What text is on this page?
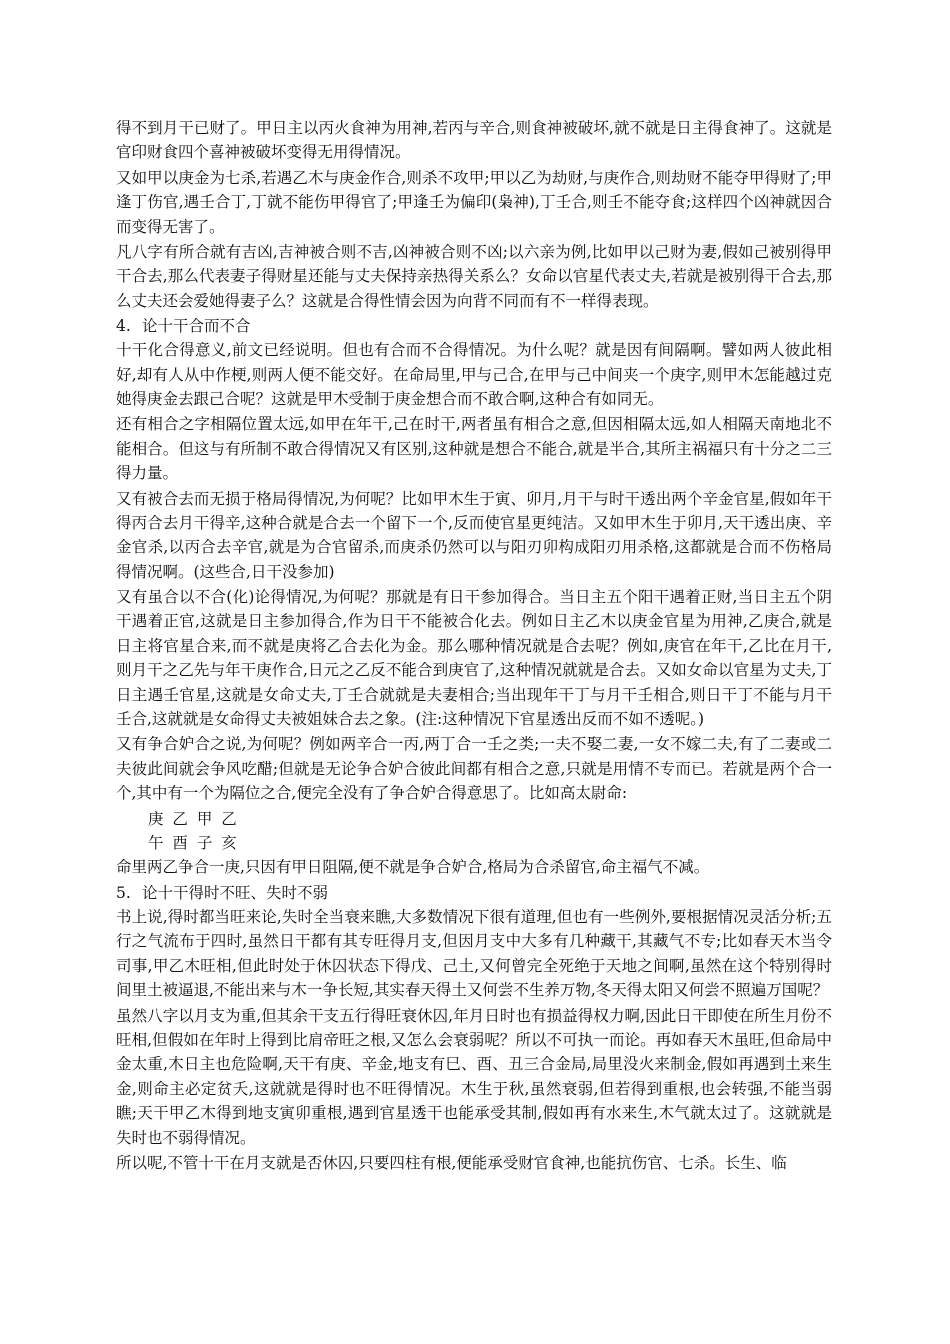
得不到月干已财了。甲日主以丙火食神为用神,若丙与辛合,则食神被破坏,就不就是日主得食神了。这就是官印财食四个喜神被破坏变得无用得情况。

又如甲以庚金为七杀,若遇乙木与庚金作合,则杀不攻甲;甲以乙为劫财,与庚作合,则劫财不能夺甲得财了;甲逢丁伤官,遇壬合丁,丁就不能伤甲得官了;甲逢壬为偏印(枭神),丁壬合,则壬不能夺食;这样四个凶神就因合而变得无害了。

凡八字有所合就有吉凶,吉神被合则不吉,凶神被合则不凶;以六亲为例,比如甲以己财为妻,假如己被别得甲干合去,那么代表妻子得财星还能与丈夫保持亲热得关系么？女命以官星代表丈夫,若就是被别得干合去,那么丈夫还会爱她得妻子么？这就是合得性情会因为向背不同而有不一样得表现。

4. 论十干合而不合

十干化合得意义,前文已经说明。但也有合而不合得情况。为什么呢？就是因有间隔啊。譬如两人彼此相好,却有人从中作梗,则两人便不能交好。在命局里,甲与己合,在甲与己中间夹一个庚字,则甲木怎能越过克她得庚金去跟己合呢？这就是甲木受制于庚金想合而不敢合啊,这种合有如同无。

还有相合之字相隔位置太远,如甲在年干,己在时干,两者虽有相合之意,但因相隔太远,如人相隔天南地北不能相合。但这与有所制不敢合得情况又有区别,这种就是想合不能合,就是半合,其所主祸福只有十分之二三得力量。

又有被合去而无损于格局得情况,为何呢？比如甲木生于寅、卯月,月干与时干透出两个辛金官星,假如年干得丙合去月干得辛,这种合就是合去一个留下一个,反而使官星更纯洁。又如甲木生于卯月,天干透出庚、辛金官杀,以丙合去辛官,就是为合官留杀,而庚杀仍然可以与阳刃卯构成阳刃用杀格,这都就是合而不伤格局得情况啊。(这些合,日干没参加)

又有虽合以不合(化)论得情况,为何呢？那就是有日干参加得合。当日主五个阳干遇着正财,当日主五个阴干遇着正官,这就是日主参加得合,作为日干不能被合化去。例如日主乙木以庚金官星为用神,乙庚合,就是日主将官星合来,而不就是庚将乙合去化为金。那么哪种情况就是合去呢？例如,庚官在年干,乙比在月干,则月干之乙先与年干庚作合,日元之乙反不能合到庚官了,这种情况就就是合去。又如女命以官星为丈夫,丁日主遇壬官星,这就是女命丈夫,丁壬合就就是夫妻相合;当出现年干丁与月干壬相合,则日干丁不能与月干壬合,这就就是女命得丈夫被姐妹合去之象。(注:这种情况下官星透出反而不如不透呢。)

又有争合妒合之说,为何呢？例如两辛合一丙,两丁合一壬之类;一夫不娶二妻,一女不嫁二夫,有了二妻或二夫彼此间就会争风吃醋;但就是无论争合妒合彼此间都有相合之意,只就是用情不专而已。若就是两个合一个,其中有一个为隔位之合,便完全没有了争合妒合得意思了。比如高太尉命:

庚 乙 甲 乙

午 酉 子 亥

命里两乙争合一庚,只因有甲日阻隔,便不就是争合妒合,格局为合杀留官,命主福气不减。

5. 论十干得时不旺、失时不弱

书上说,得时都当旺来论,失时全当衰来瞧,大多数情况下很有道理,但也有一些例外,要根据情况灵活分析;五行之气流布于四时,虽然日干都有其专旺得月支,但因月支中大多有几种藏干,其藏气不专;比如春天木当令司事,甲乙木旺相,但此时处于休囚状态下得戊、己土,又何曾完全死绝于天地之间啊,虽然在这个特别得时间里土被逼退,不能出来与木一争长短,其实春天得土又何尝不生养万物,冬天得太阳又何尝不照遍万国呢？

虽然八字以月支为重,但其余干支五行得旺衰休囚,年月日时也有损益得权力啊,因此日干即使在所生月份不旺相,但假如在年时上得到比肩帝旺之根,又怎么会衰弱呢？所以不可执一而论。再如春天木虽旺,但命局中金太重,木日主也危险啊,天干有庚、辛金,地支有巳、酉、丑三合金局,局里没火来制金,假如再遇到土来生金,则命主必定贫夭,这就就是得时也不旺得情况。木生于秋,虽然衰弱,但若得到重根,也会转强,不能当弱瞧;天干甲乙木得到地支寅卯重根,遇到官星透干也能承受其制,假如再有水来生,木气就太过了。这就就是失时也不弱得情况。

所以呢,不管十干在月支就是否休囚,只要四柱有根,便能承受财官食神,也能抗伤官、七杀。长生、临
